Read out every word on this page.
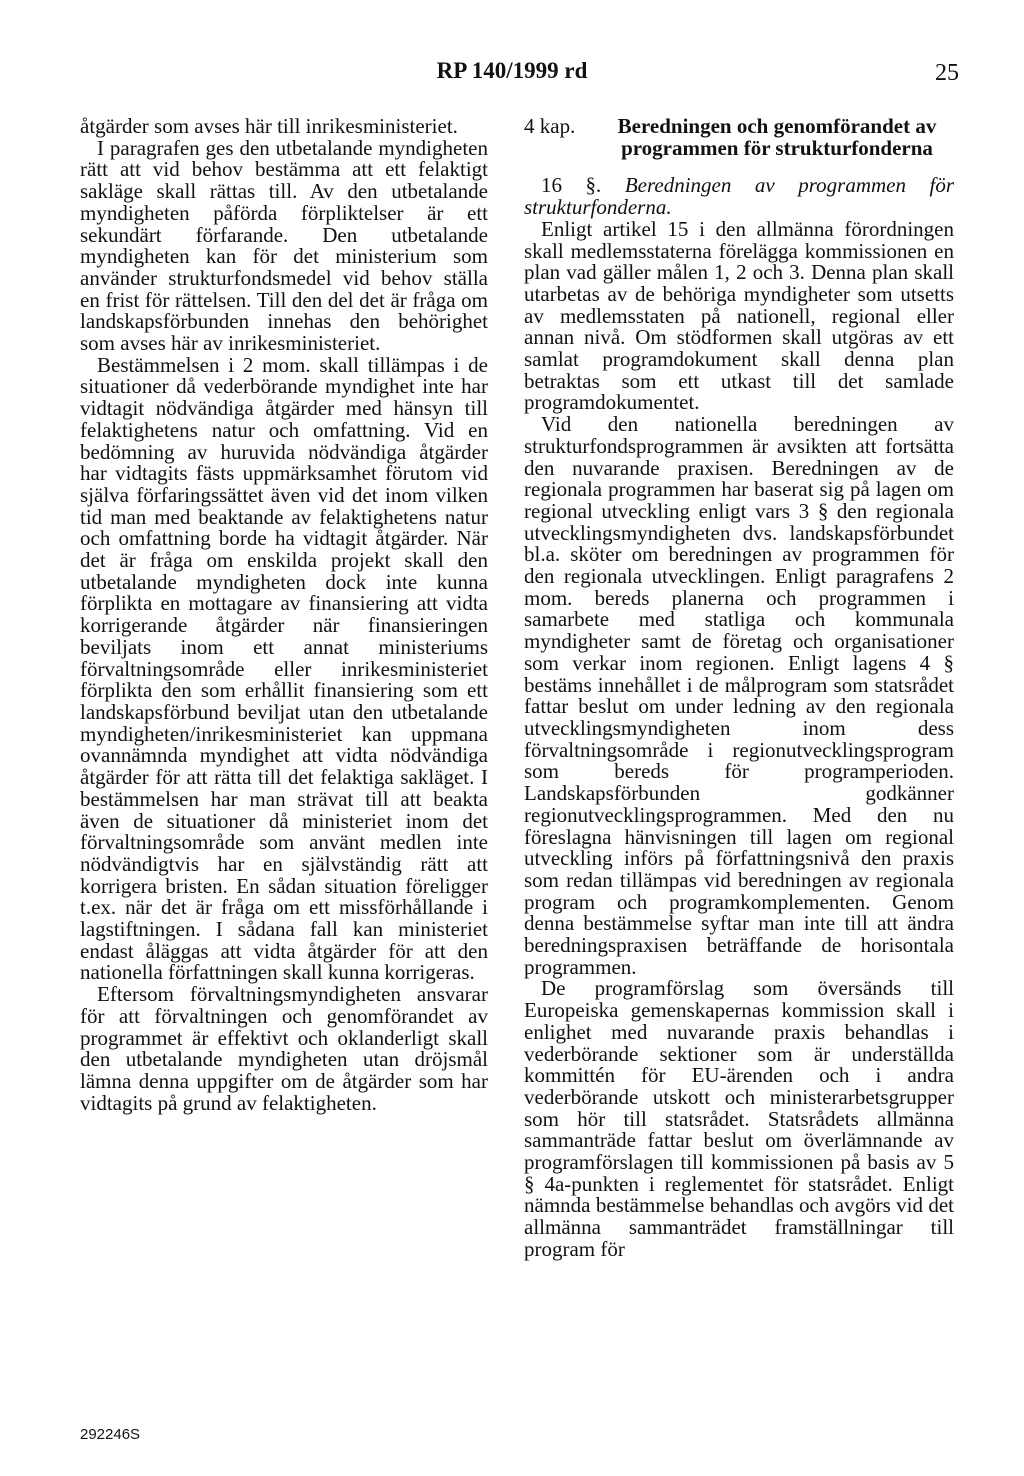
RP 140/1999 rd	25

åtgärder som avses här till inrikesministeriet.

I paragrafen ges den utbetalande myndigheten rätt att vid behov bestämma att ett felaktigt sakläge skall rättas till. Av den utbetalande myndigheten påförda förpliktelser är ett sekundärt förfarande. Den utbetalande myndigheten kan för det ministerium som använder strukturfondsmedel vid behov ställa en frist för rättelsen. Till den del det är fråga om landskapsförbunden innehas den behörighet som avses här av inrikesministeriet.

Bestämmelsen i 2 mom. skall tillämpas i de situationer då vederbörande myndighet inte har vidtagit nödvändiga åtgärder med hänsyn till felaktighetens natur och omfattning. Vid en bedömning av huruvida nödvändiga åtgärder har vidtagits fästs uppmärksamhet förutom vid själva förfaringssättet även vid det inom vilken tid man med beaktande av felaktighetens natur och omfattning borde ha vidtagit åtgärder. När det är fråga om enskilda projekt skall den utbetalande myndigheten dock inte kunna förplikta en mottagare av finansiering att vidta korrigerande åtgärder när finansieringen beviljats inom ett annat ministeriums förvaltningsområde eller inrikesministeriet förplikta den som erhållit finansiering som ett landskapsförbund beviljat utan den utbetalande myndigheten/inrikesministeriet kan uppmana ovannämnda myndighet att vidta nödvändiga åtgärder för att rätta till det felaktiga sakläget. I bestämmelsen har man strävat till att beakta även de situationer då ministeriet inom det förvaltningsområde som använt medlen inte nödvändigtvis har en självständig rätt att korrigera bristen. En sådan situation föreligger t.ex. när det är fråga om ett missförhållande i lagstiftningen. I sådana fall kan ministeriet endast åläggas att vidta åtgärder för att den nationella författningen skall kunna korrigeras.

Eftersom förvaltningsmyndigheten ansvarar för att förvaltningen och genomförandet av programmet är effektivt och oklanderligt skall den utbetalande myndigheten utan dröjsmål lämna denna uppgifter om de åtgärder som har vidtagits på grund av felaktigheten.

4 kap.	Beredningen och genomförandet av programmen för strukturfonderna

16 §. Beredningen av programmen för strukturfonderna.

Enligt artikel 15 i den allmänna förordningen skall medlemsstaterna förelägga kommissionen en plan vad gäller målen 1, 2 och 3. Denna plan skall utarbetas av de behöriga myndigheter som utsetts av medlemsstaten på nationell, regional eller annan nivå. Om stödformen skall utgöras av ett samlat programdokument skall denna plan betraktas som ett utkast till det samlade programdokumentet.

Vid den nationella beredningen av strukturfondsprogrammen är avsikten att fortsätta den nuvarande praxisen. Beredningen av de regionala programmen har baserat sig på lagen om regional utveckling enligt vars 3 § den regionala utvecklingsmyndigheten dvs. landskapsförbundet bl.a. sköter om beredningen av programmen för den regionala utvecklingen. Enligt paragrafens 2 mom. bereds planerna och programmen i samarbete med statliga och kommunala myndigheter samt de företag och organisationer som verkar inom regionen. Enligt lagens 4 § bestäms innehållet i de målprogram som statsrådet fattar beslut om under ledning av den regionala utvecklingsmyndigheten inom dess förvaltningsområde i regionutvecklingsprogram som bereds för programperioden. Landskapsförbunden godkänner regionutvecklingsprogrammen. Med den nu föreslagna hänvisningen till lagen om regional utveckling införs på författningsnivå den praxis som redan tillämpas vid beredningen av regionala program och programkomplementen. Genom denna bestämmelse syftar man inte till att ändra beredningspraxisen beträffande de horisontala programmen.

De programförslag som översänds till Europeiska gemenskapernas kommission skall i enlighet med nuvarande praxis behandlas i vederbörande sektioner som är underställda kommittén för EU-ärenden och i andra vederbörande utskott och ministerarbetsgrupper som hör till statsrådet. Statsrådets allmänna sammanträde fattar beslut om överlämnande av programförslagen till kommissionen på basis av 5 § 4a-punkten i reglementet för statsrådet. Enligt nämnda bestämmelse behandlas och avgörs vid det allmänna sammanträdet framställningar till program för

292246S
